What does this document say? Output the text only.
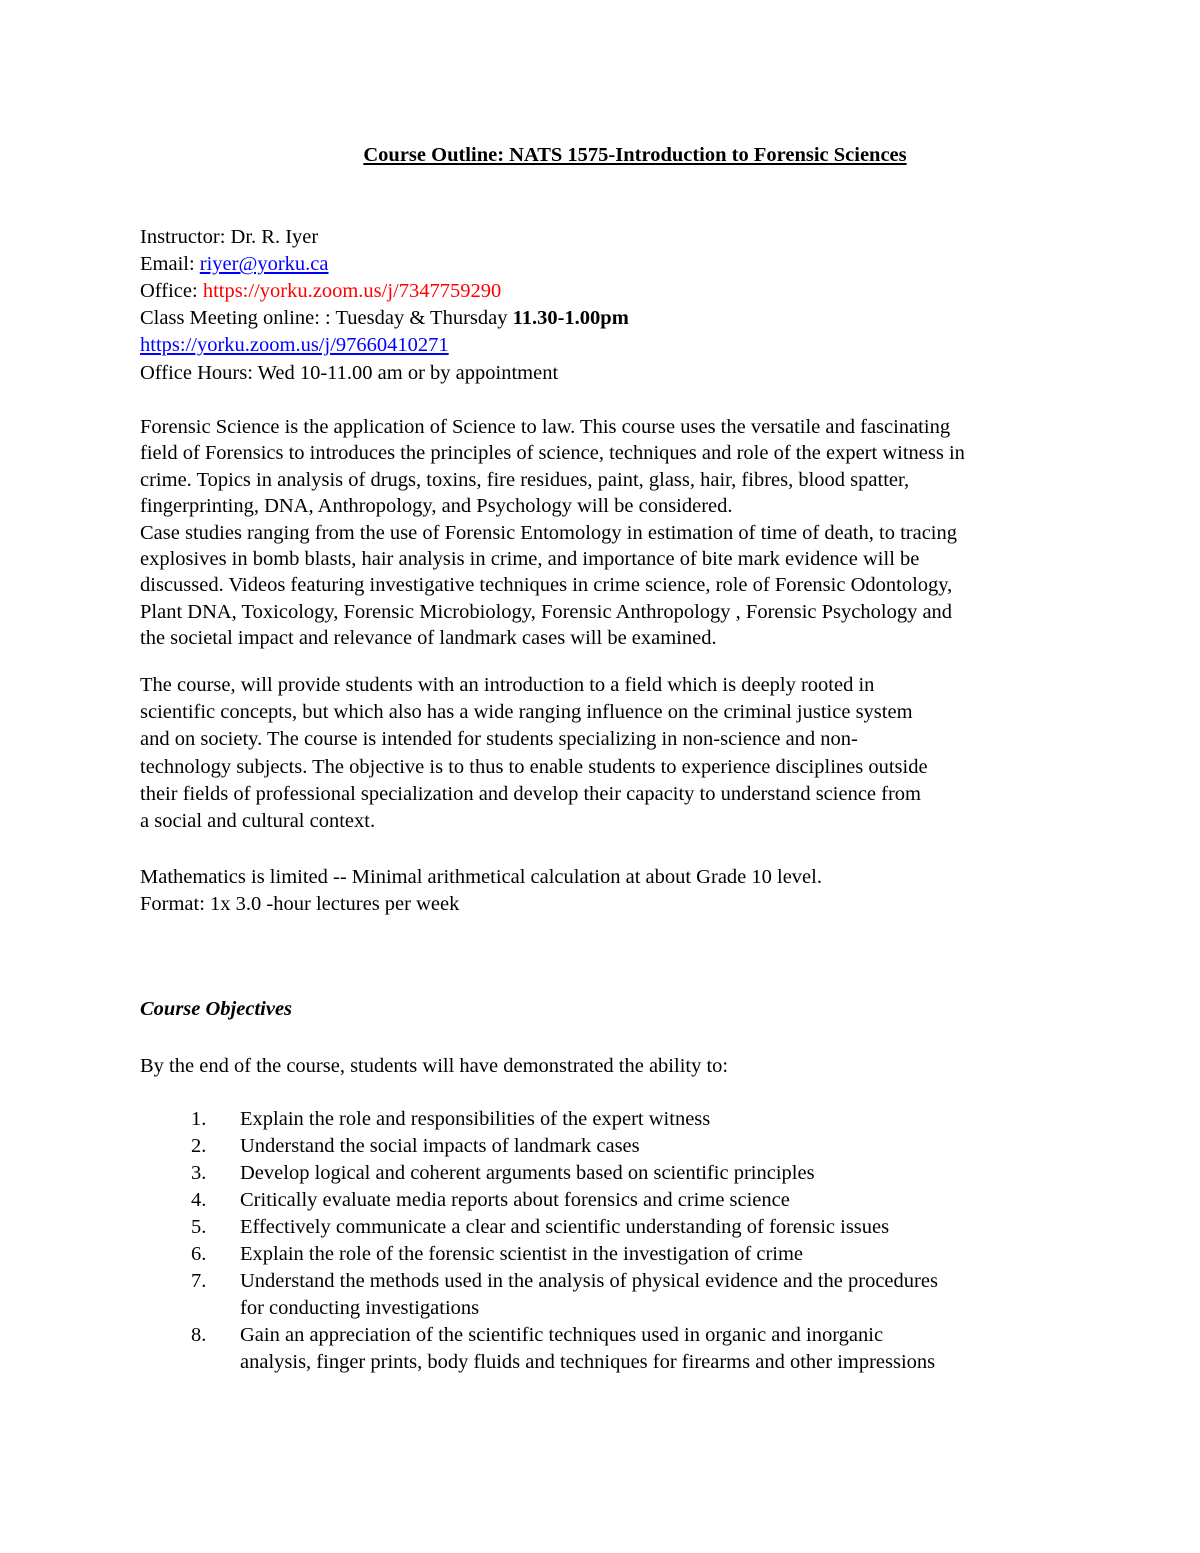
Course Outline: NATS 1575-Introduction to Forensic Sciences
Instructor: Dr. R. Iyer
Email: riyer@yorku.ca
Office: https://yorku.zoom.us/j/7347759290
Class Meeting online: : Tuesday & Thursday 11.30-1.00pm
https://yorku.zoom.us/j/97660410271
Office Hours: Wed 10-11.00 am or by appointment
Forensic Science is the application of Science to law. This course uses the versatile and fascinating
field of Forensics to introduces the principles of science, techniques and role of the expert witness in
crime. Topics in analysis of drugs, toxins, fire residues, paint, glass, hair, fibres, blood spatter,
fingerprinting, DNA, Anthropology, and Psychology will be considered.
Case studies ranging from the use of Forensic Entomology in estimation of time of death, to tracing
explosives in bomb blasts, hair analysis in crime, and importance of bite mark evidence will be
discussed. Videos featuring investigative techniques in crime science, role of Forensic Odontology,
Plant DNA, Toxicology, Forensic Microbiology, Forensic Anthropology , Forensic Psychology and
the societal impact and relevance of landmark cases will be examined.
The course, will provide students with an introduction to a field which is deeply rooted in
scientific concepts, but which also has a wide ranging influence on the criminal justice system
and on society. The course is intended for students specializing in non-science and non-
technology subjects. The objective is to thus to enable students to experience disciplines outside
their fields of professional specialization and develop their capacity to understand science from
a social and cultural context.
Mathematics is limited -- Minimal arithmetical calculation at about Grade 10 level.
Format: 1x 3.0 -hour lectures per week
Course Objectives
By the end of the course, students will have demonstrated the ability to:
1. Explain the role and responsibilities of the expert witness
2. Understand the social impacts of landmark cases
3. Develop logical and coherent arguments based on scientific principles
4. Critically evaluate media reports about forensics and crime science
5. Effectively communicate a clear and scientific understanding of forensic issues
6. Explain the role of the forensic scientist in the investigation of crime
7. Understand the methods used in the analysis of physical evidence and the procedures
for conducting investigations
8. Gain an appreciation of the scientific techniques used in organic and inorganic
analysis, finger prints, body fluids and techniques for firearms and other impressions
